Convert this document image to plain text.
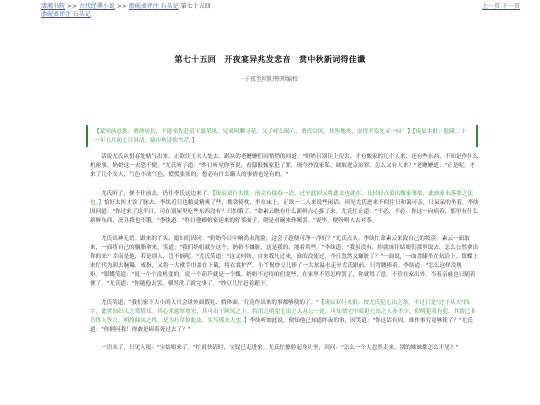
潇湘书院 >> 古代经典小说 >> 脂砚斋评注 石头记 第七十五回
脂砚斋评注 石头记
上一页 下一页
第七十五回　开夜宴异兆发悲音　赏中秋新词得佳谶
·子夜至阴阳整理编校
【蒙回前总批：贾珍居长，不能率先赴后王嘉荣风，兄弟叫聊寻花，父子呼么喝六，贾氏宗风，其坠地矣，安得不发先灵一叹！】【庚辰本批：乾隆二十一年五月初七日对清，缺中秋诗俟雪芹。】

话说尤氏从惜春处赌气出来，正欲往王夫人处去。跟从的老嬷嬷们因悄悄的回道："奶奶且别往上房去。才有甄家的几个人来，还有些东西，不知是作什么机密事。奶奶这一去恐不便。"尤氏听了道："昨日听见你爷说，看邸报甄家犯了罪，现今抄没家私，调取进京治罪。怎么又有人来？"老嬷嬷道："正是呢。才来了几个女人，气色不成气色，慌慌张张的，想必有什么瞒人的事情也是有的。"

尤氏听了，便不往前去，仍往李氏这边来了。【庚辰双行夹批：前文有探春一语，过至此回又将此文也就在，且轻轻点染出甄家事故，此画家未落墨之法也。】恰好太医才诊了脉去。李纨近日也略觉精爽了些，拥衾倚枕，坐在床上，正欲一二人来说些闲话。因见尤氏进来不似往日和蔼可亲，只呆呆的坐着，李纨因问道："你过来了这半日，可在别屋里吃些东西没有？只怕饿了。"命素云瞧有什么新鲜点心拣了来。尤氏忙止道："不必，不必。你这一向病着，那里有什么新鲜东西，况且我也不饿。"李纨道："昨日他姨娘家送来的好茶面子，倒是对碗来你喝罢。"说毕，便吩咐人去对茶。

尤氏出神无语。跟来的丫头、媳妇们因问："奶奶今日中晌尚未洗脸，这会子趁便可净一净好？"尤氏点头。李纨忙命素云来取自己的妆奁。素云一面取来，一面将自己的胭脂拿来，笑道："我们奶奶就少这个。奶奶不嫌脏，这是我的，能着用些。"李纨道："我虽没有，你就该往姑娘们那里取去，怎么公然拿出你的来？幸而是他，若是别人，岂不恼呢。"尤氏笑道："这又何妨。自来我凡过来，谁的没使过，今日忽然又嫌脏了？"一面说，一面盘膝坐在炕沿上。银蝶上来忙代为卸去腕镯、戒指，又将一大袱手巾盖在下截，将衣裳护严。小丫鬟炒豆儿捧了一大盆温水走至尤氏跟前，只弯腰捧着。李纨道："怎么这样没规矩。"银蝶笑道："说一个个没机变的，说一个葫芦就是一个瓢。奶奶不过待咱们宽些，在家里不管怎样罢了，你就得了意，不管在家出外，当着亲戚也只随着便了。"尤氏道："你随他去罢，横竖洗了就完事了。"炒豆儿忙赶着跪下。

尤氏笑道："我们家下大小的人只会讲外面假礼、假体面，究竟作出来的事都够使的了。"【庚辰双行夹批：按尤氏犯七出之条，不过只是"过于从夫"四字，此世间妇人之常情耳。其心术慈厚宽宏，其可出于阿凤之上。特用之明犯七出之人从公一论，可知贾宅中暗犯七出之人亦不少。似明犯者有犯，其情已非吾终人等言，明终曲从之终，是为打草惊蛇法，实写邢夫人也。】李纨听如此说，便知他已知道昨夜的事，因笑道："你这话有因，谁作事究竟够使了？"尤氏道："你倒问我！你敢是病着死过去了？"

一语未了，只见人报："宝姑娘来了。"忙说快请时，宝钗已走进来。尤氏忙擦脸起身让坐，因问："怎么一个人忽然走来，别的姊妹都怎么不见？"
